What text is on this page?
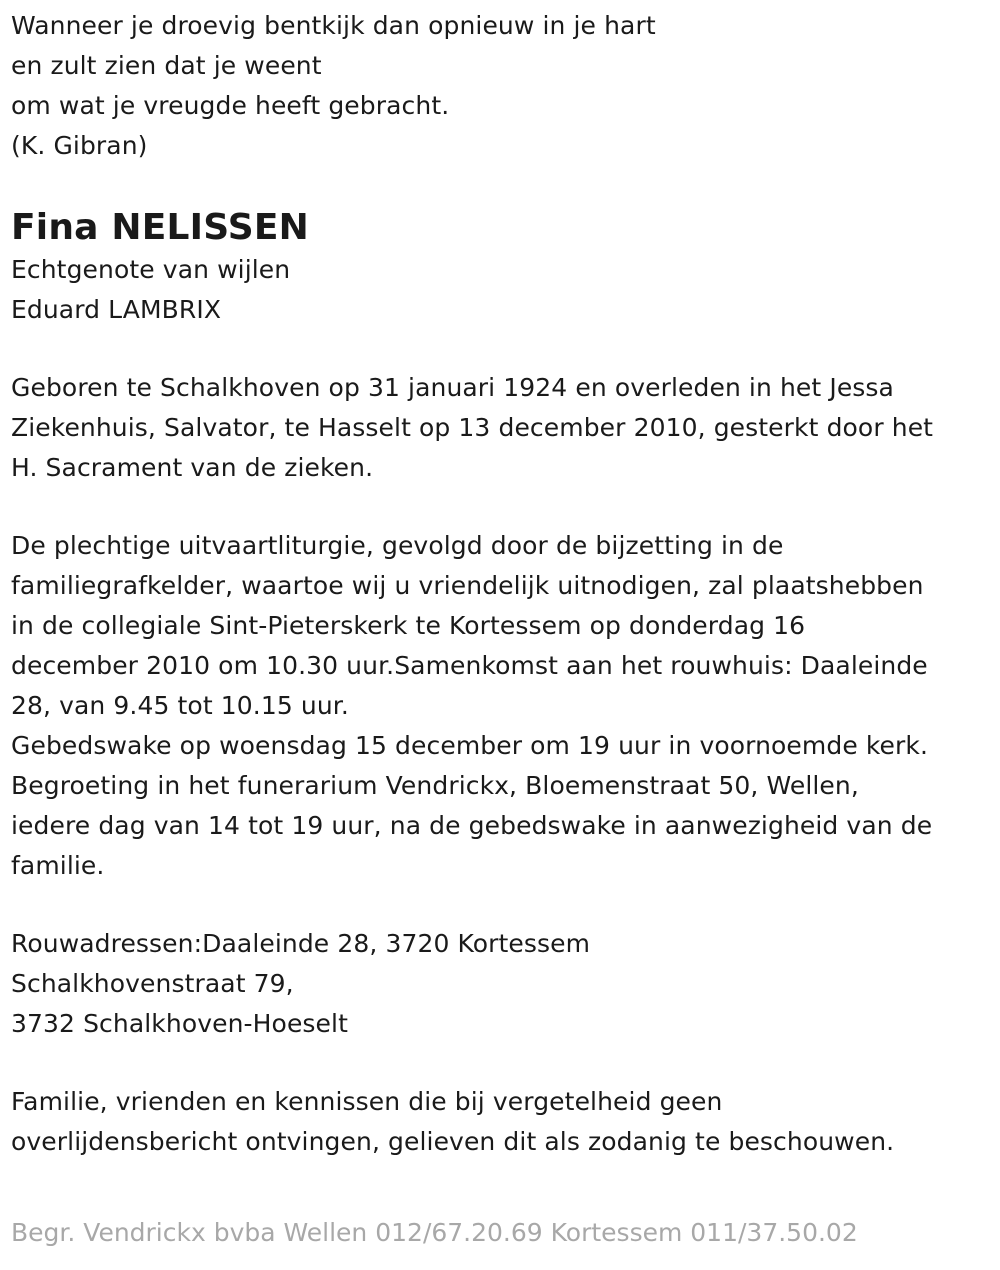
Wanneer je droevig bentkijk dan opnieuw in je hart
en zult zien dat je weent
om wat je vreugde heeft gebracht.
(K. Gibran)
Fina NELISSEN
Echtgenote van wijlen
Eduard LAMBRIX
Geboren te Schalkhoven op 31 januari 1924 en overleden in het Jessa
Ziekenhuis, Salvator, te Hasselt op 13 december 2010, gesterkt door het
H. Sacrament van de zieken.
De plechtige uitvaartliturgie, gevolgd door de bijzetting in de
familiegrafkelder, waartoe wij u vriendelijk uitnodigen, zal plaatshebben
in de collegiale Sint-Pieterskerk te Kortessem op donderdag 16
december 2010 om 10.30 uur.Samenkomst aan het rouwhuis: Daaleinde
28, van 9.45 tot 10.15 uur.
Gebedswake op woensdag 15 december om 19 uur in voornoemde kerk.
Begroeting in het funerarium Vendrickx, Bloemenstraat 50, Wellen,
iedere dag van 14 tot 19 uur, na de gebedswake in aanwezigheid van de
familie.
Rouwadressen:Daaleinde 28, 3720 Kortessem
Schalkhovenstraat 79,
3732 Schalkhoven-Hoeselt
Familie, vrienden en kennissen die bij vergetelheid geen
overlijdensbericht ontvingen, gelieven dit als zodanig te beschouwen.
Begr. Vendrickx bvba Wellen 012/67.20.69 Kortessem 011/37.50.02
